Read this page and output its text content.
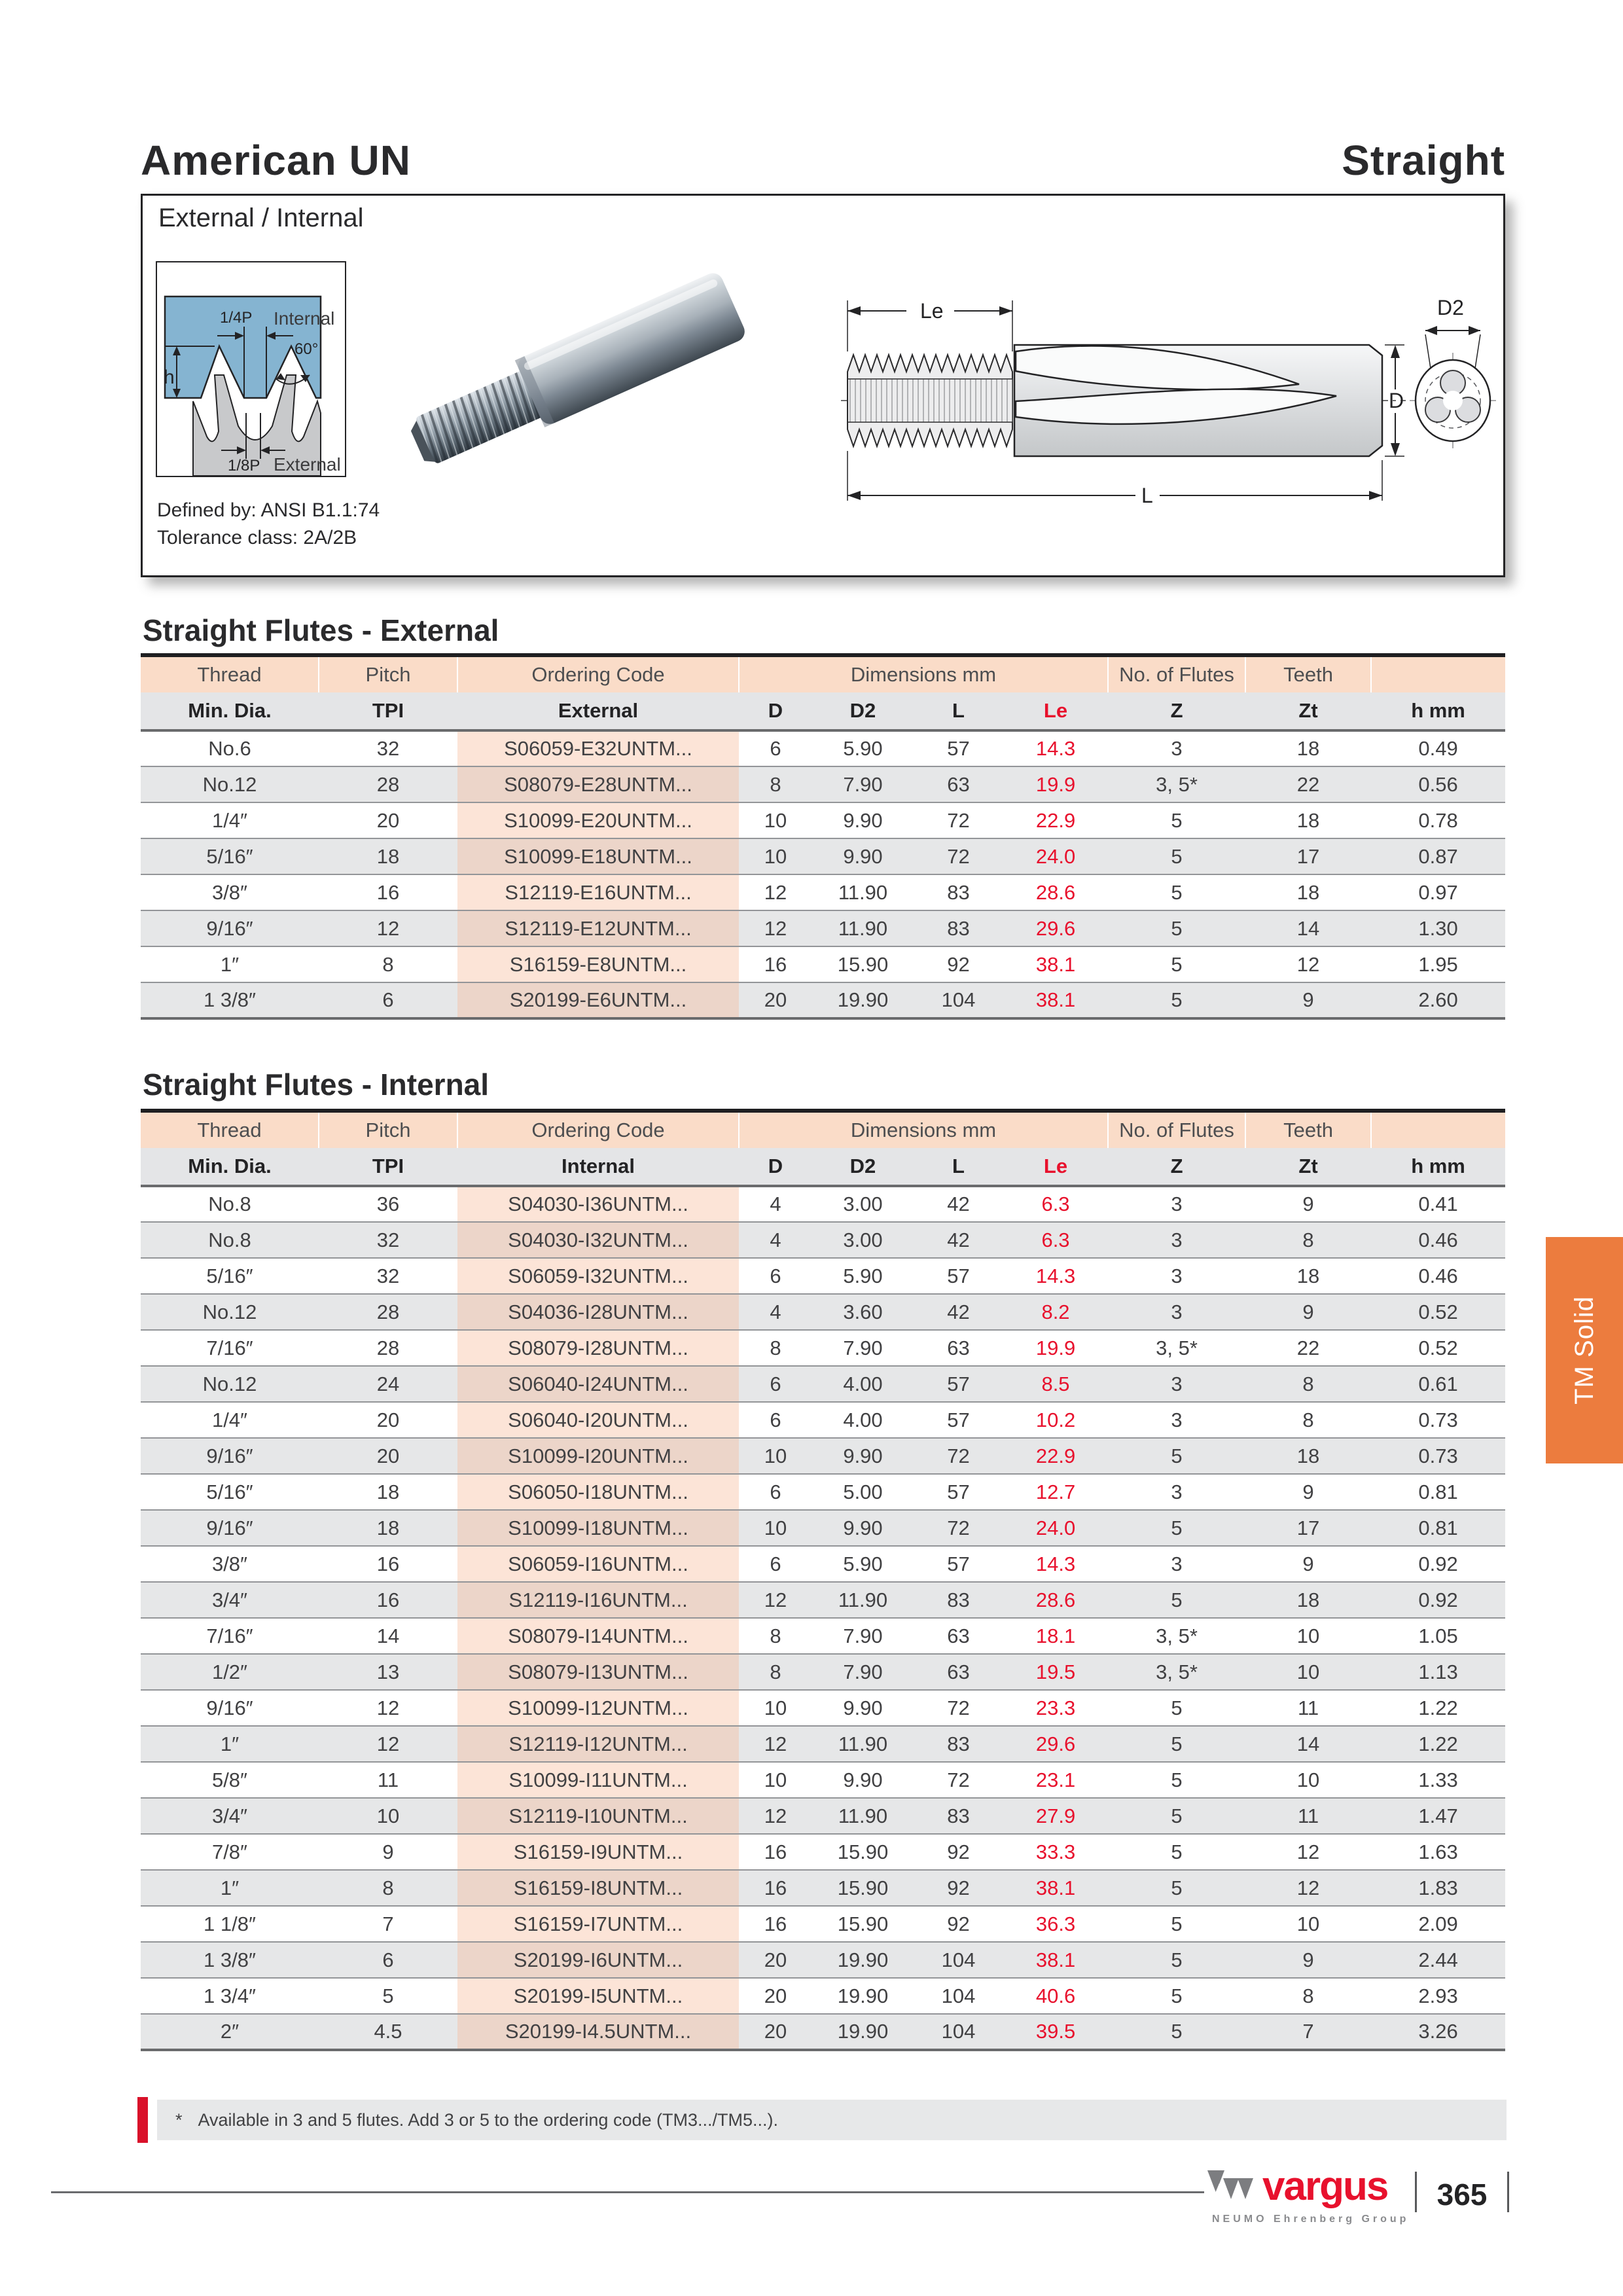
American UN	Straight
External / Internal
h
1/4P Internal
60°
1/8P External
Defined by: ANSI B1.1:74
Tolerance class: 2A/2B
Le
L
D
D2
Straight Flutes - External
Thread	Pitch	Ordering Code	Dimensions mm				No. of Flutes	Teeth	
Min. Dia.	TPI	External	D	D2	L	Le	Z	Zt	h mm
No.6	32	S06059-E32UNTM...	6	5.90	57	14.3	3	18	0.49
No.12	28	S08079-E28UNTM...	8	7.90	63	19.9	3, 5*	22	0.56
1/4″	20	S10099-E20UNTM...	10	9.90	72	22.9	5	18	0.78
5/16″	18	S10099-E18UNTM...	10	9.90	72	24.0	5	17	0.87
3/8″	16	S12119-E16UNTM...	12	11.90	83	28.6	5	18	0.97
9/16″	12	S12119-E12UNTM...	12	11.90	83	29.6	5	14	1.30
1″	8	S16159-E8UNTM...	16	15.90	92	38.1	5	12	1.95
1 3/8″	6	S20199-E6UNTM...	20	19.90	104	38.1	5	9	2.60
Straight Flutes - Internal
Thread	Pitch	Ordering Code	Dimensions mm				No. of Flutes	Teeth	
Min. Dia.	TPI	Internal	D	D2	L	Le	Z	Zt	h mm
No.8	36	S04030-I36UNTM...	4	3.00	42	6.3	3	9	0.41
No.8	32	S04030-I32UNTM...	4	3.00	42	6.3	3	8	0.46
5/16″	32	S06059-I32UNTM...	6	5.90	57	14.3	3	18	0.46
No.12	28	S04036-I28UNTM...	4	3.60	42	8.2	3	9	0.52
7/16″	28	S08079-I28UNTM...	8	7.90	63	19.9	3, 5*	22	0.52
No.12	24	S06040-I24UNTM...	6	4.00	57	8.5	3	8	0.61
1/4″	20	S06040-I20UNTM...	6	4.00	57	10.2	3	8	0.73
9/16″	20	S10099-I20UNTM...	10	9.90	72	22.9	5	18	0.73
5/16″	18	S06050-I18UNTM...	6	5.00	57	12.7	3	9	0.81
9/16″	18	S10099-I18UNTM...	10	9.90	72	24.0	5	17	0.81
3/8″	16	S06059-I16UNTM...	6	5.90	57	14.3	3	9	0.92
3/4″	16	S12119-I16UNTM...	12	11.90	83	28.6	5	18	0.92
7/16″	14	S08079-I14UNTM...	8	7.90	63	18.1	3, 5*	10	1.05
1/2″	13	S08079-I13UNTM...	8	7.90	63	19.5	3, 5*	10	1.13
9/16″	12	S10099-I12UNTM...	10	9.90	72	23.3	5	11	1.22
1″	12	S12119-I12UNTM...	12	11.90	83	29.6	5	14	1.22
5/8″	11	S10099-I11UNTM...	10	9.90	72	23.1	5	10	1.33
3/4″	10	S12119-I10UNTM...	12	11.90	83	27.9	5	11	1.47
7/8″	9	S16159-I9UNTM...	16	15.90	92	33.3	5	12	1.63
1″	8	S16159-I8UNTM...	16	15.90	92	38.1	5	12	1.83
1 1/8″	7	S16159-I7UNTM...	16	15.90	92	36.3	5	10	2.09
1 3/8″	6	S20199-I6UNTM...	20	19.90	104	38.1	5	9	2.44
1 3/4″	5	S20199-I5UNTM...	20	19.90	104	40.6	5	8	2.93
2″	4.5	S20199-I4.5UNTM...	20	19.90	104	39.5	5	7	3.26
* Available in 3 and 5 flutes. Add 3 or 5 to the ordering code (TM3.../TM5...).
vargus
NEUMO Ehrenberg Group
365
TM Solid
